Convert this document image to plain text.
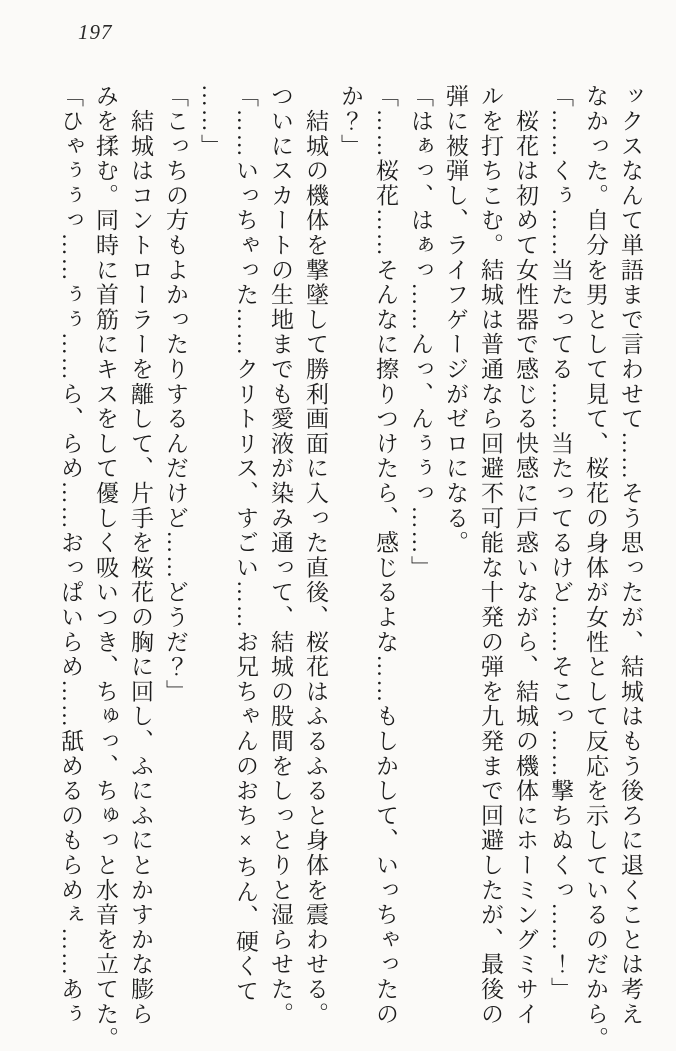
197

ックスなんて単語まで言わせて……そう思ったが、結城はもう後ろに退くことは考え

なかった。自分を男として見て、桜花の身体が女性として反応を示しているのだから。

「……くぅ……当たってる……当たってるけど……そこっ……撃ちぬくっ……！」

　桜花は初めて女性器で感じる快感に戸惑いながら、結城の機体にホーミングミサイ

ルを打ちこむ。結城は普通なら回避不可能な十発の弾を九発まで回避したが、最後の

弾に被弾し、ライフゲージがゼロになる。

「はぁっ、はぁっ……んっ、んぅぅっ……」

「……桜花……そんなに擦りつけたら、感じるよな……もしかして、いっちゃったの

か？」

　結城の機体を撃墜して勝利画面に入った直後、桜花はふるふると身体を震わせる。

ついにスカートの生地までも愛液が染み通って、結城の股間をしっとりと湿らせた。

「……いっちゃった……クリトリス、すごい……お兄ちゃんのおち×ちん、硬くて

……」

「こっちの方もよかったりするんだけど……どうだ？」

　結城はコントローラーを離して、片手を桜花の胸に回し、ふにふにとかすかな膨ら

みを揉む。同時に首筋にキスをして優しく吸いつき、ちゅっ、ちゅっと水音を立てた。

「ひゃぅぅっ……ぅぅ……ら、らめ……おっぱいらめ……舐めるのもらめぇ……あぅ
